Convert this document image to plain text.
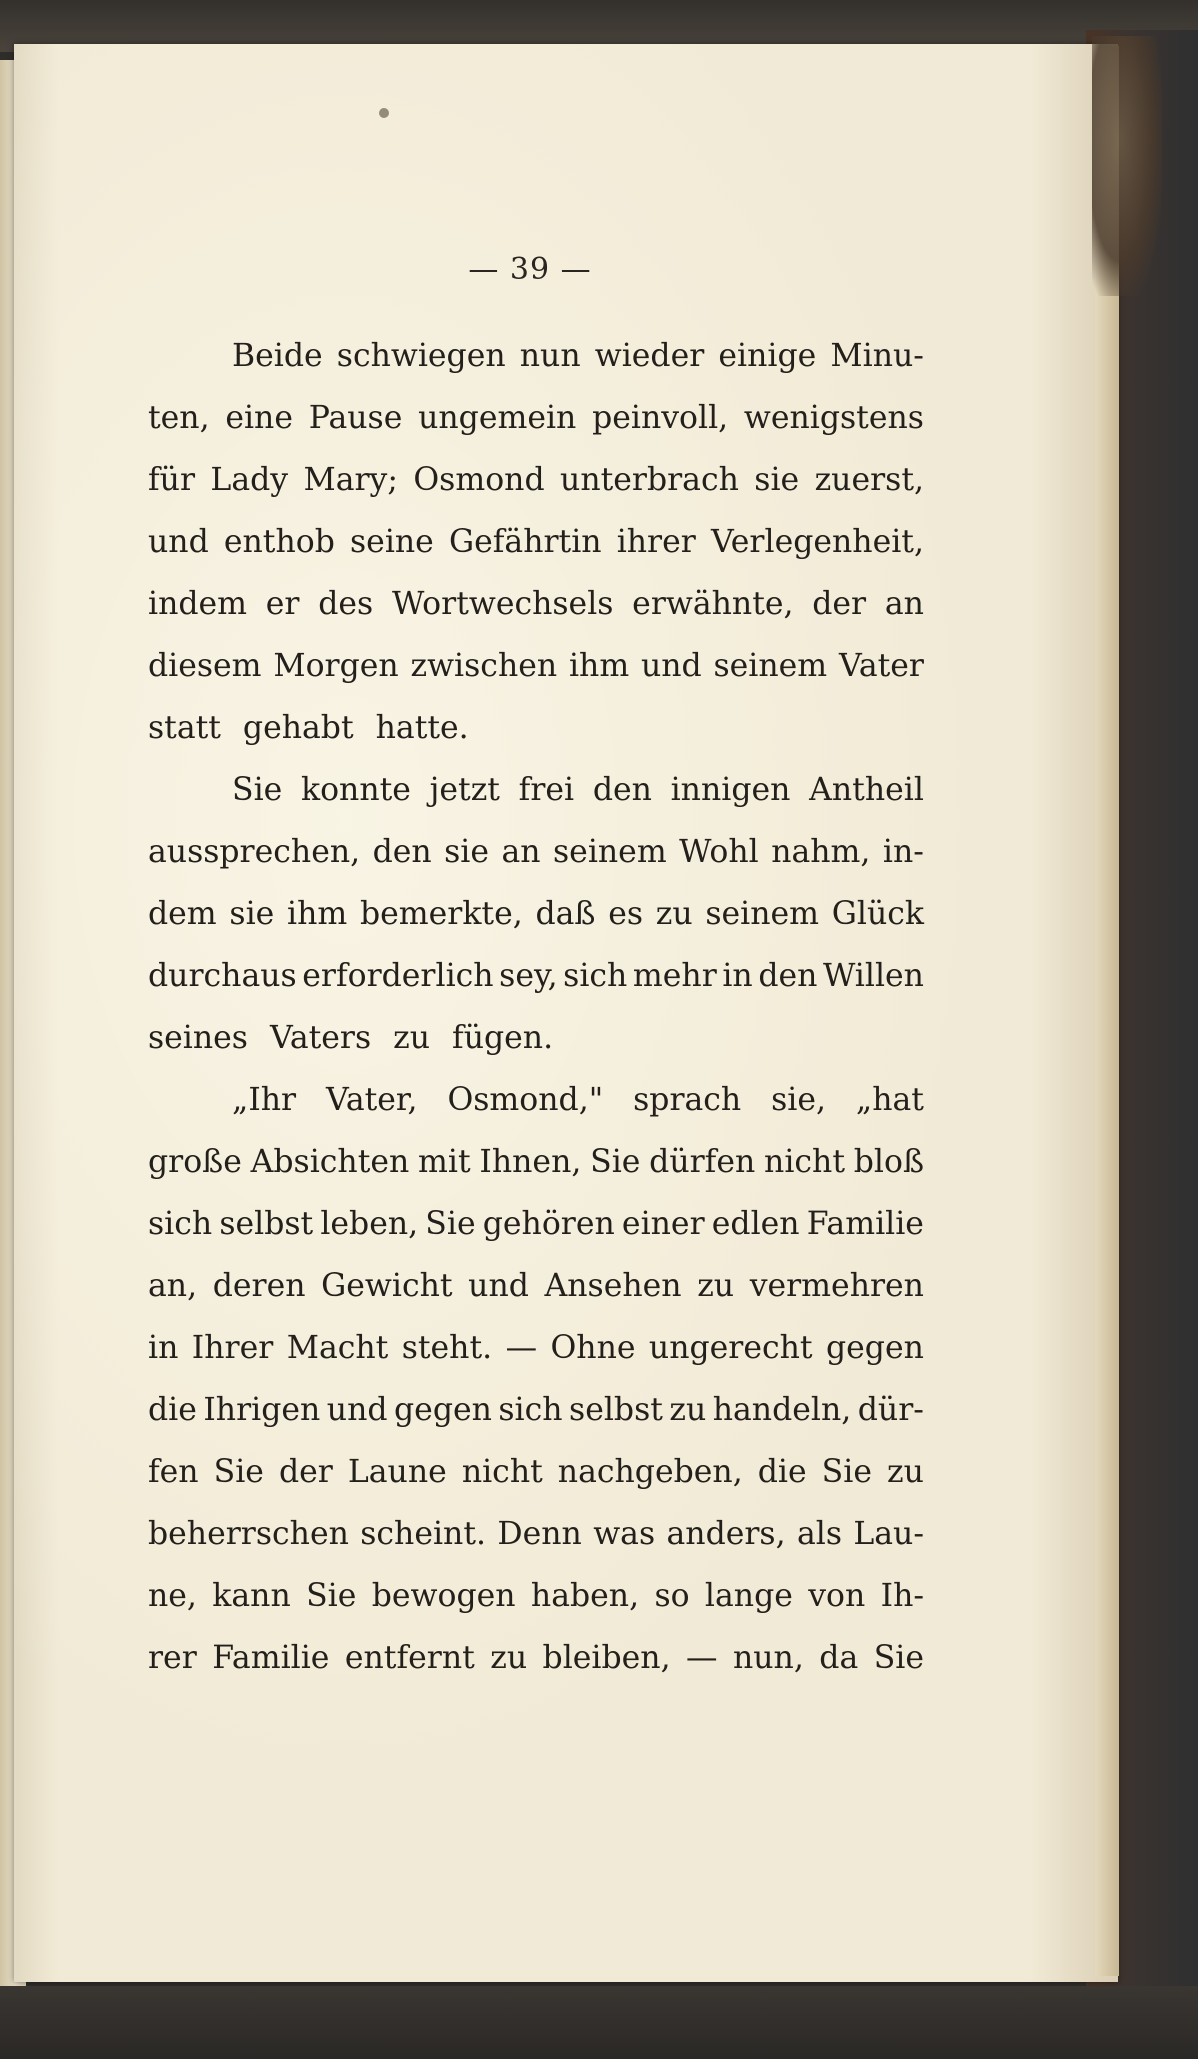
— 39 —
Beide schwiegen nun wieder einige Minu-
ten, eine Pause ungemein peinvoll, wenigstens
für Lady Mary; Osmond unterbrach sie zuerst,
und enthob seine Gefährtin ihrer Verlegenheit,
indem er des Wortwechsels erwähnte, der an
diesem Morgen zwischen ihm und seinem Vater
statt gehabt hatte.
Sie konnte jetzt frei den innigen Antheil
aussprechen, den sie an seinem Wohl nahm, in-
dem sie ihm bemerkte, daß es zu seinem Glück
durchaus erforderlich sey, sich mehr in den Willen
seines Vaters zu fügen.
„Ihr Vater, Osmond," sprach sie, „hat
große Absichten mit Ihnen, Sie dürfen nicht bloß
sich selbst leben, Sie gehören einer edlen Familie
an, deren Gewicht und Ansehen zu vermehren
in Ihrer Macht steht. — Ohne ungerecht gegen
die Ihrigen und gegen sich selbst zu handeln, dür-
fen Sie der Laune nicht nachgeben, die Sie zu
beherrschen scheint. Denn was anders, als Lau-
ne, kann Sie bewogen haben, so lange von Ih-
rer Familie entfernt zu bleiben, — nun, da Sie
